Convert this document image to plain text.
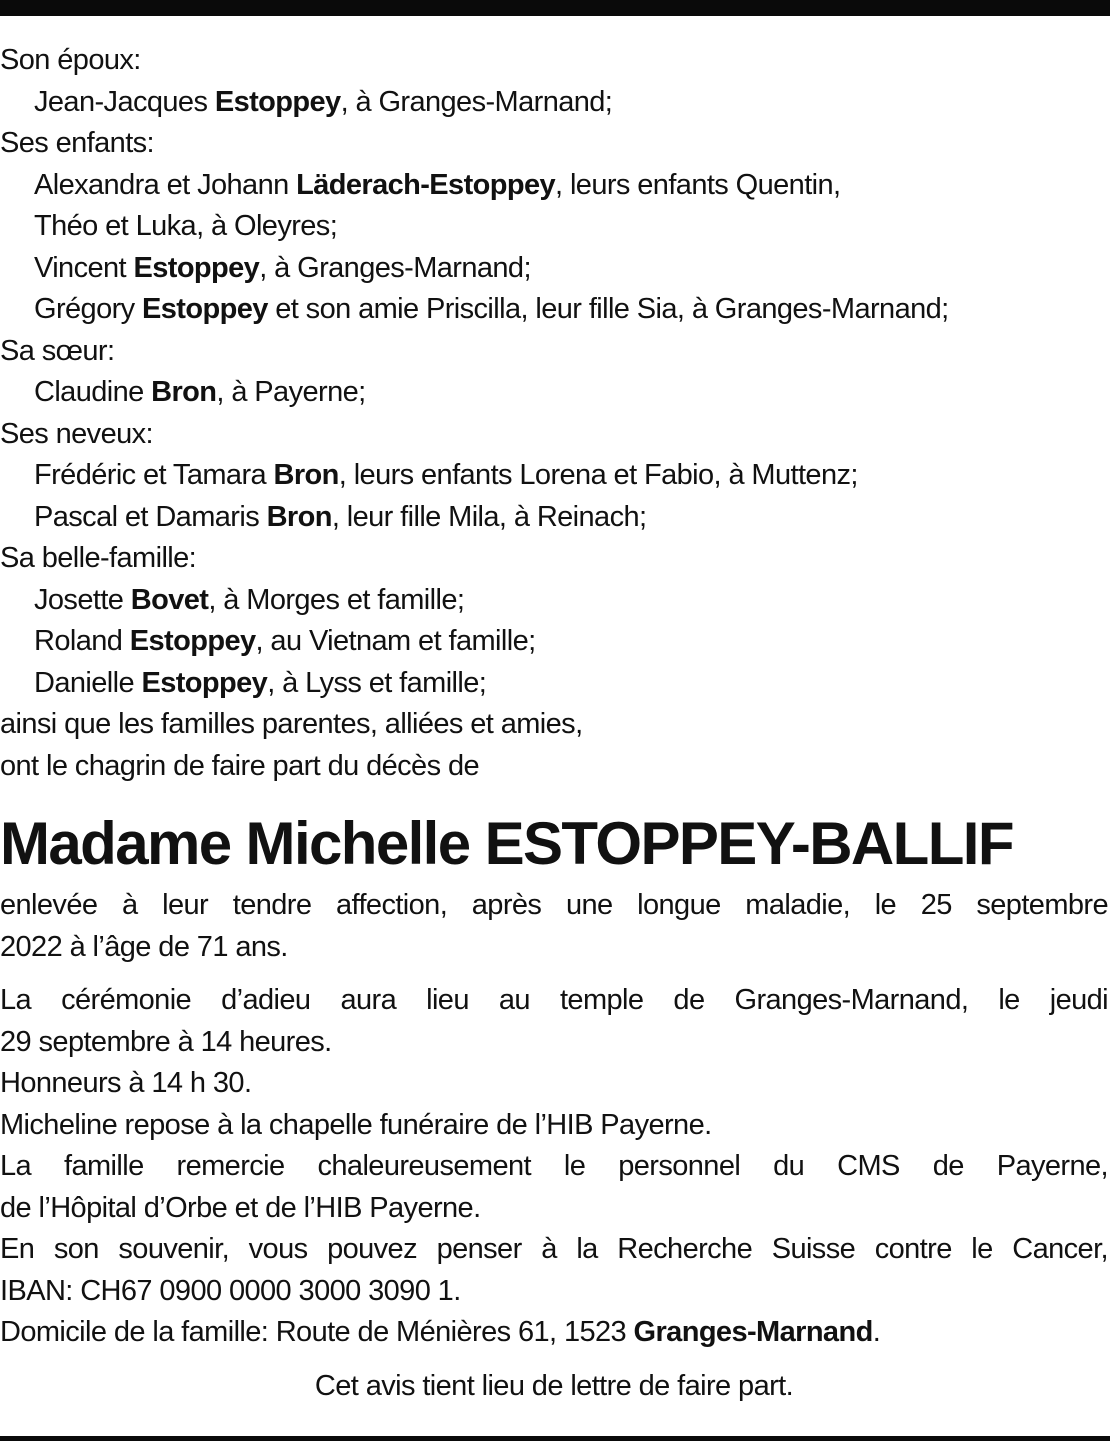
Son époux:
Jean-Jacques Estoppey, à Granges-Marnand;
Ses enfants:
Alexandra et Johann Läderach-Estoppey, leurs enfants Quentin,
Théo et Luka, à Oleyres;
Vincent Estoppey, à Granges-Marnand;
Grégory Estoppey et son amie Priscilla, leur fille Sia, à Granges-Marnand;
Sa sœur:
Claudine Bron, à Payerne;
Ses neveux:
Frédéric et Tamara Bron, leurs enfants Lorena et Fabio, à Muttenz;
Pascal et Damaris Bron, leur fille Mila, à Reinach;
Sa belle-famille:
Josette Bovet, à Morges et famille;
Roland Estoppey, au Vietnam et famille;
Danielle Estoppey, à Lyss et famille;
ainsi que les familles parentes, alliées et amies,
ont le chagrin de faire part du décès de
Madame Michelle ESTOPPEY-BALLIF
enlevée à leur tendre affection, après une longue maladie, le 25 septembre
2022 à l’âge de 71 ans.
La cérémonie d’adieu aura lieu au temple de Granges-Marnand, le jeudi
29 septembre à 14 heures.
Honneurs à 14 h 30.
Micheline repose à la chapelle funéraire de l’HIB Payerne.
La famille remercie chaleureusement le personnel du CMS de Payerne,
de l’Hôpital d’Orbe et de l’HIB Payerne.
En son souvenir, vous pouvez penser à la Recherche Suisse contre le Cancer,
IBAN: CH67 0900 0000 3000 3090 1.
Domicile de la famille: Route de Ménières 61, 1523 Granges-Marnand.
Cet avis tient lieu de lettre de faire part.
